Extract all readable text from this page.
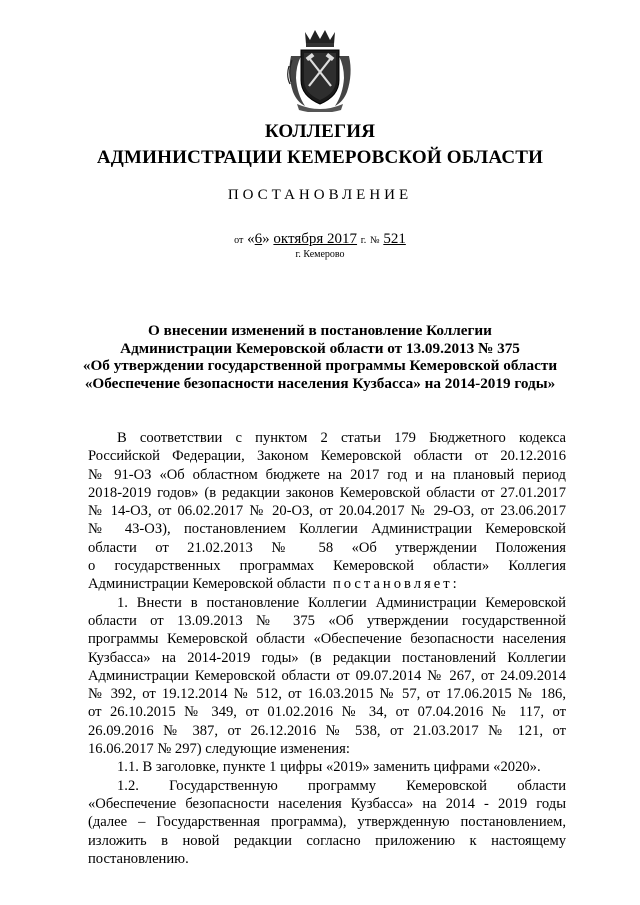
КОЛЛЕГИЯ
АДМИНИСТРАЦИИ КЕМЕРОВСКОЙ ОБЛАСТИ
ПОСТАНОВЛЕНИЕ
от «6» октября 2017 г. № 521
г. Кемерово
О внесении изменений в постановление Коллегии
Администрации Кемеровской области от 13.09.2013 № 375
«Об утверждении государственной программы Кемеровской области
«Обеспечение безопасности населения Кузбасса» на 2014-2019 годы»
В соответствии с пунктом 2 статьи 179 Бюджетного кодекса
Российской Федерации, Законом Кемеровской области от 20.12.2016
№ 91-ОЗ «Об областном бюджете на 2017 год и на плановый период
2018-2019 годов» (в редакции законов Кемеровской области от 27.01.2017
№ 14-ОЗ, от 06.02.2017 № 20-ОЗ, от 20.04.2017 № 29-ОЗ, от 23.06.2017
№ 43-ОЗ), постановлением Коллегии Администрации Кемеровской
области от 21.02.2013 № 58 «Об утверждении Положения
о государственных программах Кемеровской области» Коллегия
Администрации Кемеровской области постановляет:
1. Внести в постановление Коллегии Администрации Кемеровской
области от 13.09.2013 № 375 «Об утверждении государственной
программы Кемеровской области «Обеспечение безопасности населения
Кузбасса» на 2014-2019 годы» (в редакции постановлений Коллегии
Администрации Кемеровской области от 09.07.2014 № 267, от 24.09.2014
№ 392, от 19.12.2014 № 512, от 16.03.2015 № 57, от 17.06.2015 № 186,
от 26.10.2015 № 349, от 01.02.2016 № 34, от 07.04.2016 № 117, от
26.09.2016 № 387, от 26.12.2016 № 538, от 21.03.2017 № 121, от
16.06.2017 № 297) следующие изменения:
1.1. В заголовке, пункте 1 цифры «2019» заменить цифрами «2020».
1.2. Государственную программу Кемеровской области
«Обеспечение безопасности населения Кузбасса» на 2014 - 2019 годы
(далее – Государственная программа), утвержденную постановлением,
изложить в новой редакции согласно приложению к настоящему
постановлению.
